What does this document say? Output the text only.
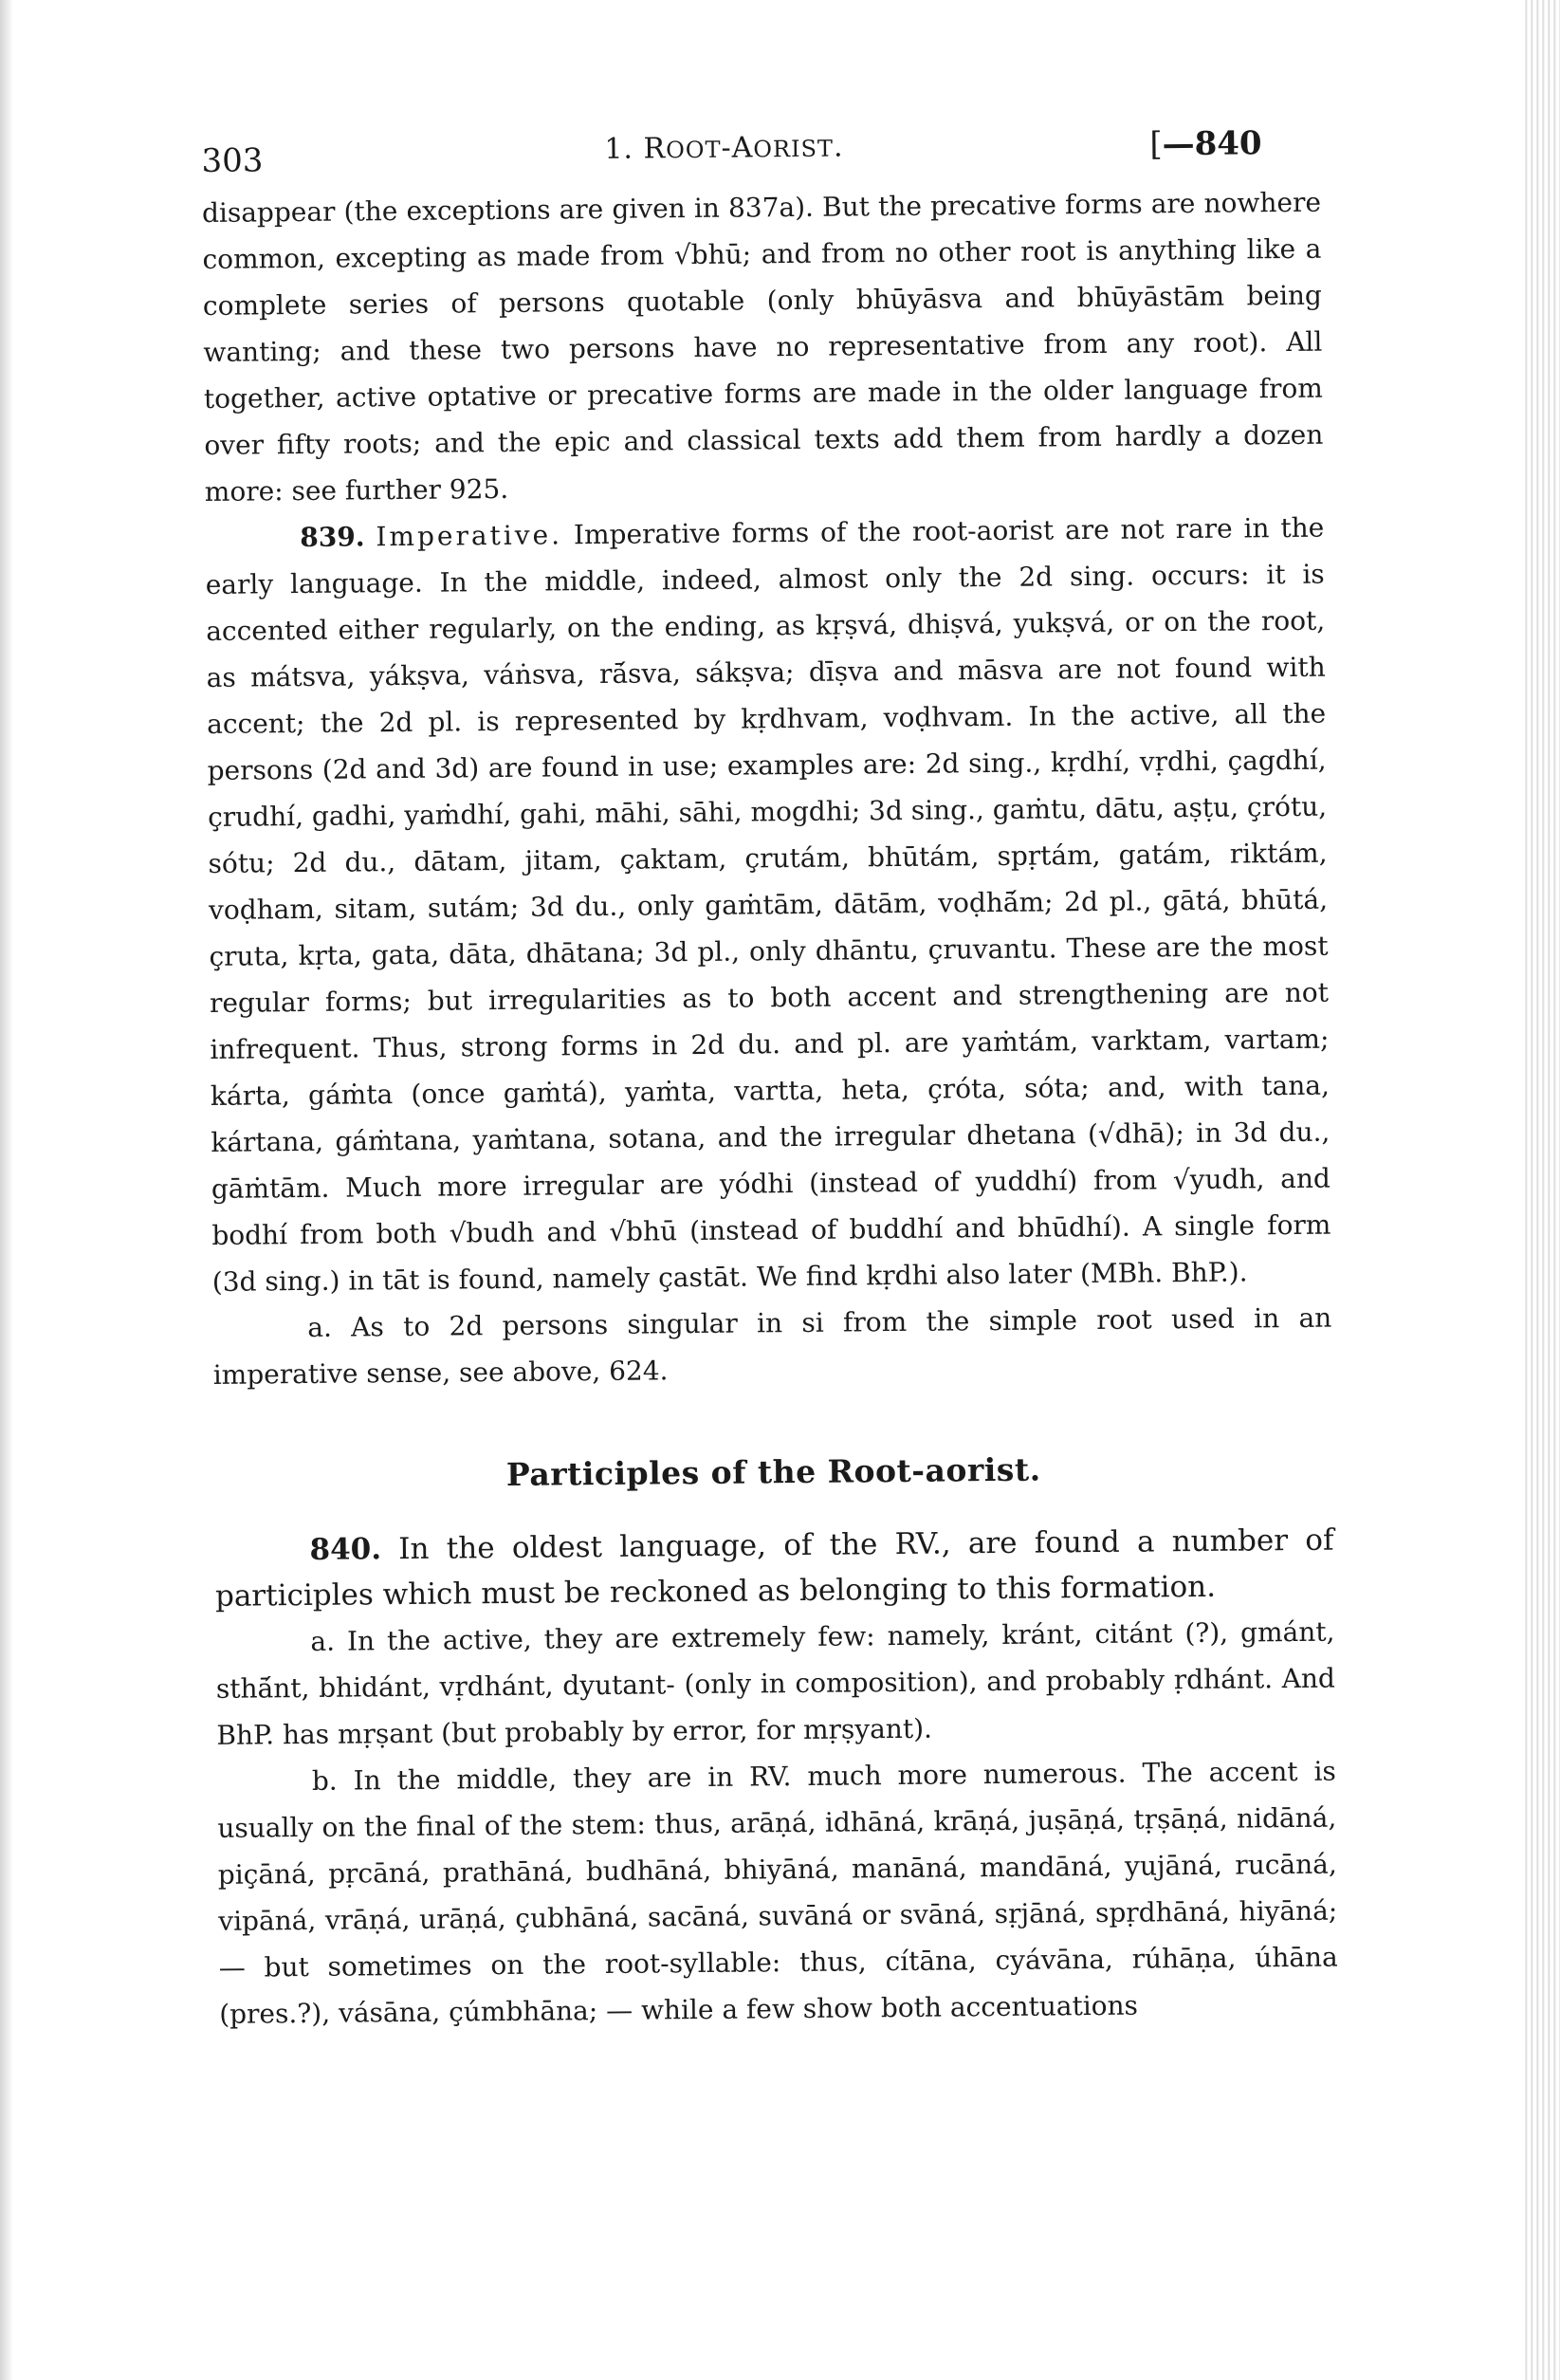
303	1. ROOT-AORIST.	[—840

disappear (the exceptions are given in 837a). But the precative forms are nowhere common, excepting as made from √bhū; and from no other root is anything like a complete series of persons quotable (only bhūyāsva and bhūyāstām being wanting; and these two persons have no representative from any root). All together, active optative or precative forms are made in the older language from over fifty roots; and the epic and classical texts add them from hardly a dozen more: see further 925.

839. Imperative. Imperative forms of the root-aorist are not rare in the early language. In the middle, indeed, almost only the 2d sing. occurs: it is accented either regularly, on the ending, as kṛṣvá, dhiṣvá, yukṣvá, or on the root, as mátsva, yákṣva, váṅsva, rā́sva, sákṣva; dīṣva and māsva are not found with accent; the 2d pl. is represented by kṛdhvam, voḍhvam. In the active, all the persons (2d and 3d) are found in use; examples are: 2d sing., kṛdhí, vṛdhi, çagdhí, çrudhí, gadhi, yaṁdhí, gahi, māhi, sāhi, mogdhi; 3d sing., gaṁtu, dātu, aṣṭu, çrótu, sótu; 2d du., dātam, jitam, çaktam, çrutám, bhūtám, spṛtám, gatám, riktám, voḍham, sitam, sutám; 3d du., only gaṁtām, dātām, voḍhā́m; 2d pl., gātá, bhūtá, çruta, kṛta, gata, dāta, dhātana; 3d pl., only dhāntu, çruvantu. These are the most regular forms; but irregularities as to both accent and strengthening are not infrequent. Thus, strong forms in 2d du. and pl. are yaṁtám, varktam, vartam; kárta, gáṁta (once gaṁtá), yaṁta, vartta, heta, çróta, sóta; and, with tana, kártana, gáṁtana, yaṁtana, sotana, and the irregular dhetana (√dhā); in 3d du., gāṁtām. Much more irregular are yódhi (instead of yuddhí) from √yudh, and bodhí from both √budh and √bhū (instead of buddhí and bhūdhí). A single form (3d sing.) in tāt is found, namely çastāt. We find kṛdhi also later (MBh. BhP.).

a. As to 2d persons singular in si from the simple root used in an imperative sense, see above, 624.

Participles of the Root-aorist.

840. In the oldest language, of the RV., are found a number of participles which must be reckoned as belonging to this formation.

a. In the active, they are extremely few: namely, kránt, citánt (?), gmánt, sthā́nt, bhidánt, vṛdhánt, dyutant- (only in composition), and probably ṛdhánt. And BhP. has mṛṣant (but probably by error, for mṛṣyant).

b. In the middle, they are in RV. much more numerous. The accent is usually on the final of the stem: thus, arāṇá, idhāná, krāṇá, juṣāṇá, tṛṣāṇá, nidāná, piçāná, pṛcāná, prathāná, budhāná, bhiyāná, manāná, mandāná, yujāná, rucāná, vipāná, vrāṇá, urāṇá, çubhāná, sacāná, suvāná or svāná, sṛjāná, spṛdhāná, hiyāná; — but sometimes on the root-syllable: thus, cítāna, cyávāna, rúhāṇa, úhāna (pres.?), vásāna, çúmbhāna; — while a few show both accentuations
